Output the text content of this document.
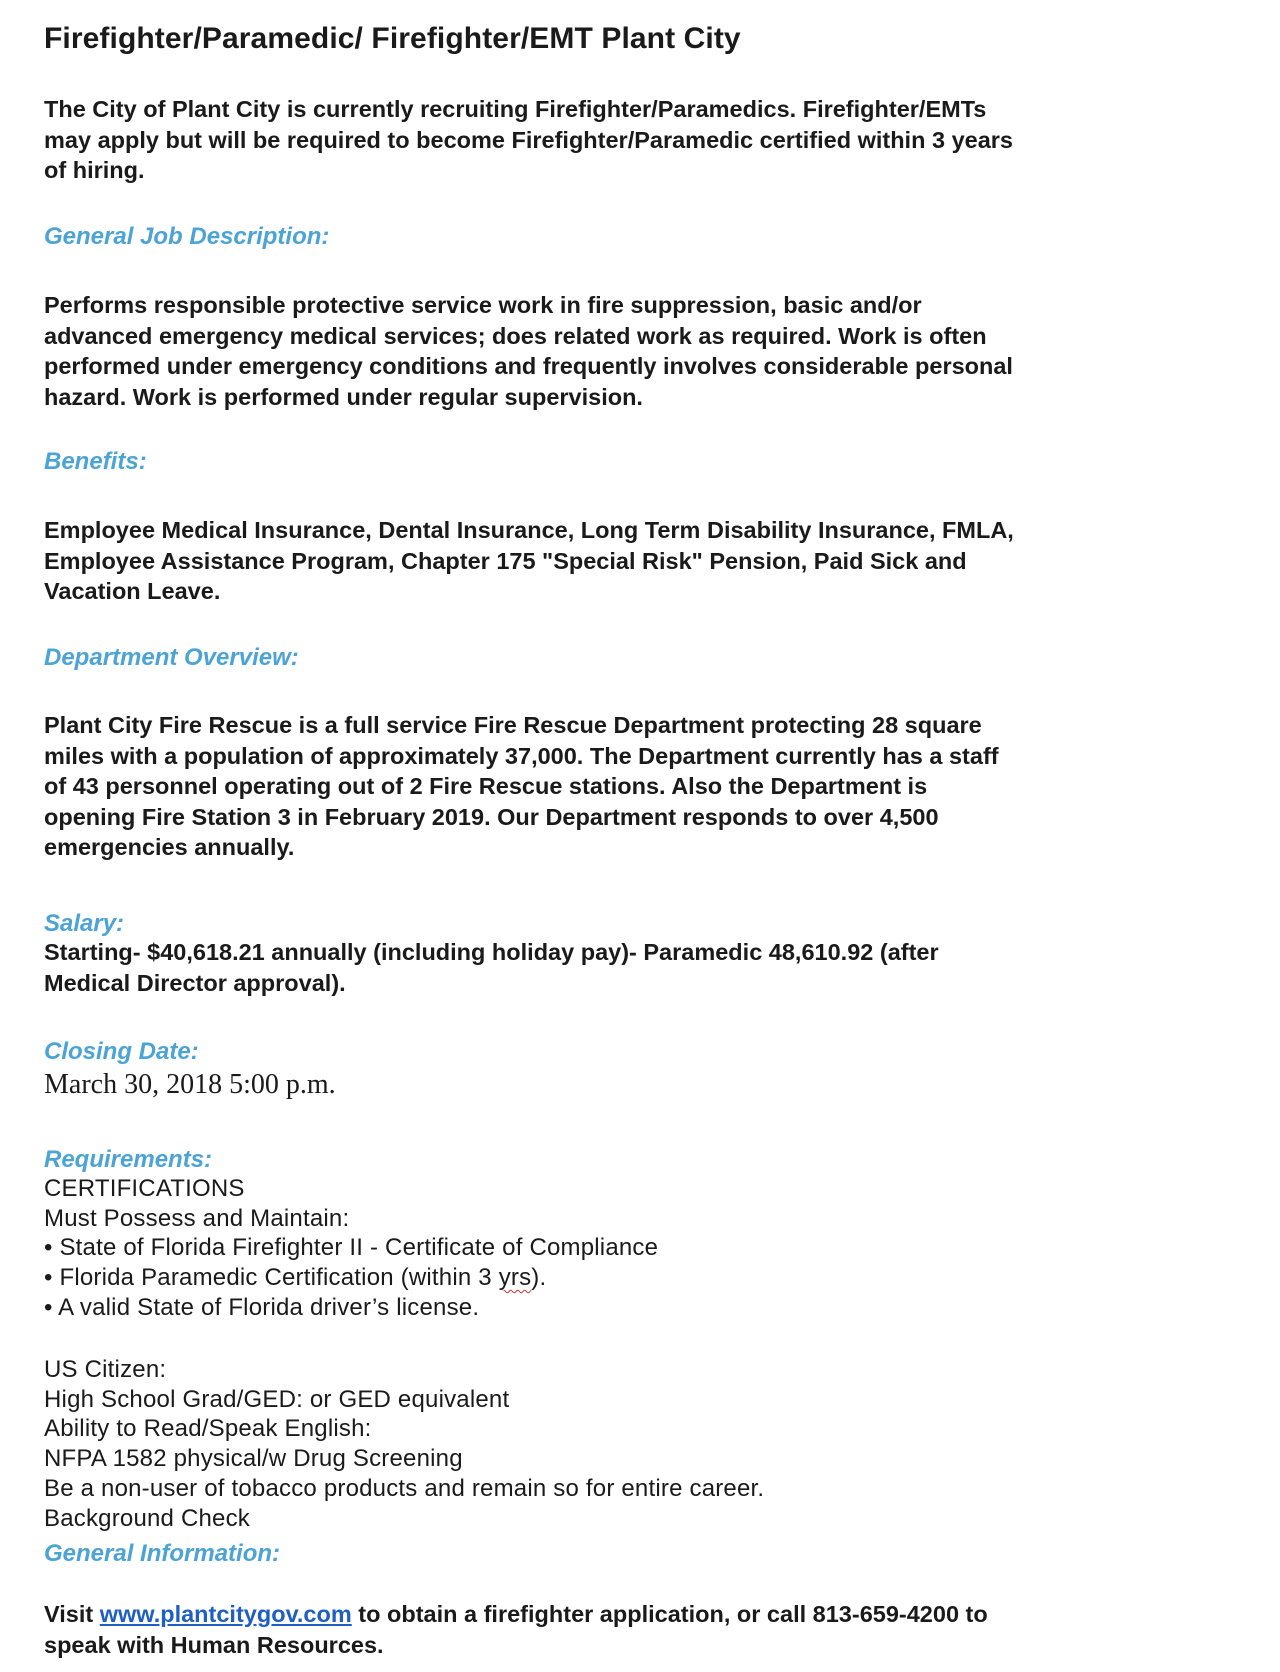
Firefighter/Paramedic/ Firefighter/EMT Plant City
The City of Plant City is currently recruiting Firefighter/Paramedics. Firefighter/EMTs
may apply but will be required to become Firefighter/Paramedic certified within 3 years
of hiring.
General Job Description:
Performs responsible protective service work in fire suppression, basic and/or
advanced emergency medical services; does related work as required. Work is often
performed under emergency conditions and frequently involves considerable personal
hazard. Work is performed under regular supervision.
Benefits:
Employee Medical Insurance, Dental Insurance, Long Term Disability Insurance, FMLA,
Employee Assistance Program, Chapter 175 "Special Risk" Pension, Paid Sick and
Vacation Leave.
Department Overview:
Plant City Fire Rescue is a full service Fire Rescue Department protecting 28 square
miles with a population of approximately 37,000. The Department currently has a staff
of 43 personnel operating out of 2 Fire Rescue stations. Also the Department is
opening Fire Station 3 in February 2019. Our Department responds to over 4,500
emergencies annually.
Salary:
Starting- $40,618.21 annually (including holiday pay)- Paramedic 48,610.92 (after
Medical Director approval).
Closing Date:
March 30, 2018 5:00 p.m.
Requirements:
CERTIFICATIONS
Must Possess and Maintain:
• State of Florida Firefighter II - Certificate of Compliance
• Florida Paramedic Certification (within 3 yrs).
• A valid State of Florida driver’s license.
US Citizen:
High School Grad/GED: or GED equivalent
Ability to Read/Speak English:
NFPA 1582 physical/w Drug Screening
Be a non-user of tobacco products and remain so for entire career.
Background Check
General Information:
Visit www.plantcitygov.com to obtain a firefighter application, or call 813-659-4200 to
speak with Human Resources.
